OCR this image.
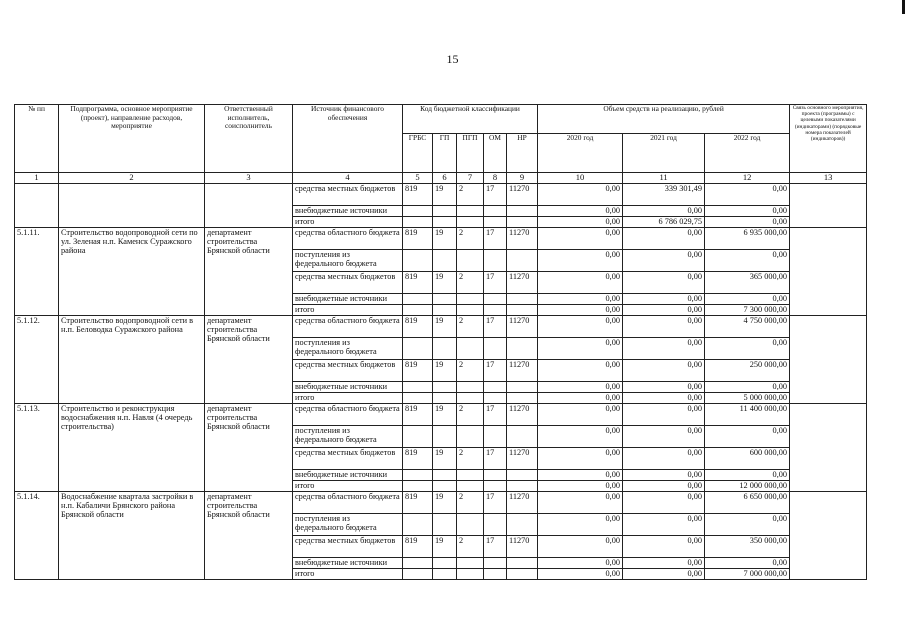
15
№ пп	Подпрограмма, основное мероприятие (проект), направление расходов, мероприятие	Ответственный исполнитель, соисполнитель	Источник финансового обеспечения	Код бюджетной классификации					Объем средств на реализацию, рублей			Связь основного мероприятия, проекта (программы) с целевыми показателями (индикаторами) (порядковые номера показателей (индикаторов))
				ГРБС	ГП	ПГП	ОМ	НР	2020 год	2021 год	2022 год	
1	2	3	4	5	6	7	8	9	10	11	12	13
			средства местных бюджетов	819	19	2	17	11270	0,00	339 301,49	0,00	
			внебюджетные источники						0,00	0,00	0,00	
			итого						0,00	6 786 029,75	0,00	
5.1.11.	Строительство водопроводной сети по ул. Зеленая н.п. Каменск Суражского района	департамент строительства Брянской области	средства областного бюджета	819	19	2	17	11270	0,00	0,00	6 935 000,00	
			поступления из федерального бюджета						0,00	0,00	0,00	
			средства местных бюджетов	819	19	2	17	11270	0,00	0,00	365 000,00	
			внебюджетные источники						0,00	0,00	0,00	
			итого						0,00	0,00	7 300 000,00	
5.1.12.	Строительство водопроводной сети в н.п. Беловодка Суражского района	департамент строительства Брянской области	средства областного бюджета	819	19	2	17	11270	0,00	0,00	4 750 000,00	
			поступления из федерального бюджета						0,00	0,00	0,00	
			средства местных бюджетов	819	19	2	17	11270	0,00	0,00	250 000,00	
			внебюджетные источники						0,00	0,00	0,00	
			итого						0,00	0,00	5 000 000,00	
5.1.13.	Строительство и реконструкция водоснабжения н.п. Навля (4 очередь строительства)	департамент строительства Брянской области	средства областного бюджета	819	19	2	17	11270	0,00	0,00	11 400 000,00	
			поступления из федерального бюджета						0,00	0,00	0,00	
			средства местных бюджетов	819	19	2	17	11270	0,00	0,00	600 000,00	
			внебюджетные источники						0,00	0,00	0,00	
			итого						0,00	0,00	12 000 000,00	
5.1.14.	Водоснабжение квартала застройки в н.п. Кабаличи Брянского района Брянской области	департамент строительства Брянской области	средства областного бюджета	819	19	2	17	11270	0,00	0,00	6 650 000,00	
			поступления из федерального бюджета						0,00	0,00	0,00	
			средства местных бюджетов	819	19	2	17	11270	0,00	0,00	350 000,00	
			внебюджетные источники						0,00	0,00	0,00	
			итого						0,00	0,00	7 000 000,00	
